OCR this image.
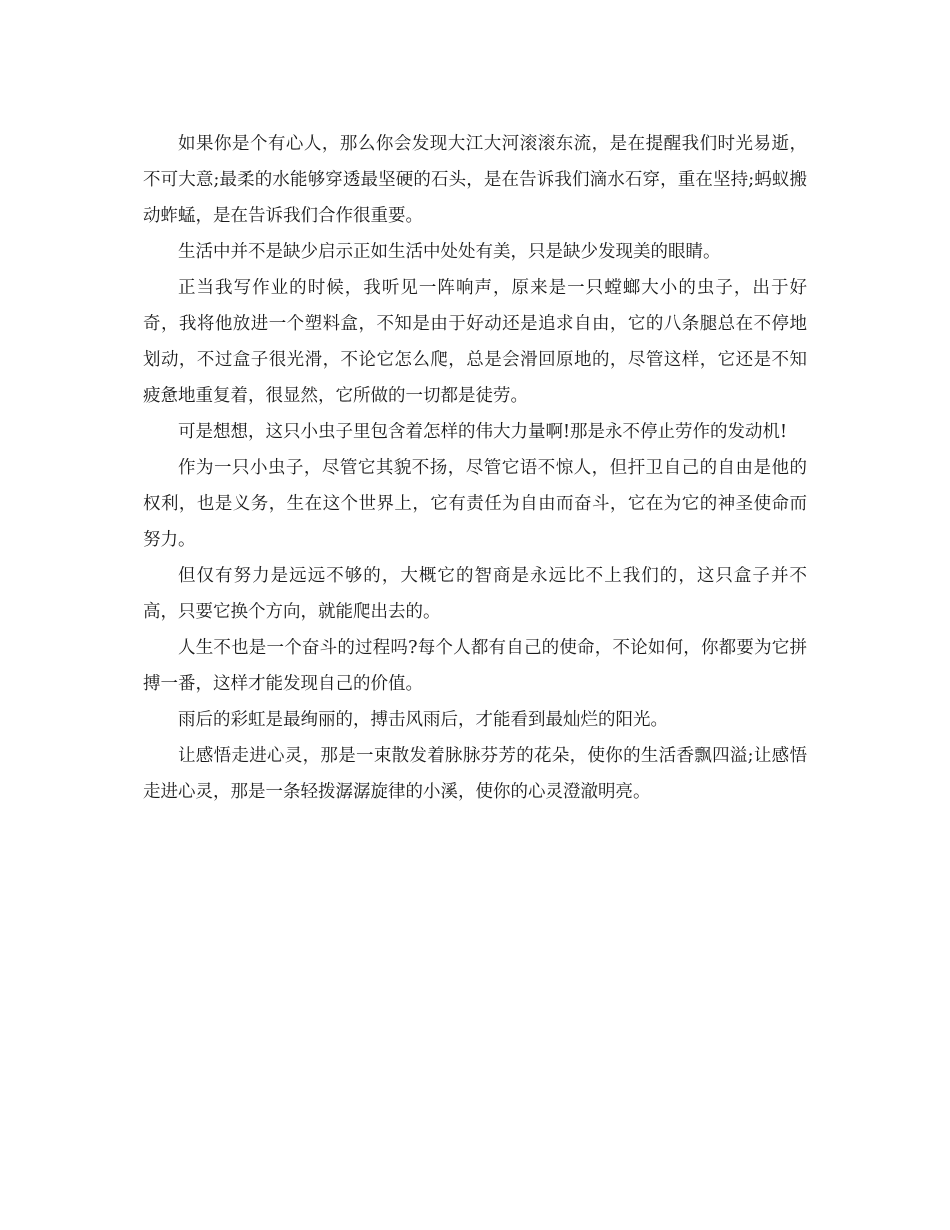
如果你是个有心人，那么你会发现大江大河滚滚东流，是在提醒我们时光易逝，不可大意;最柔的水能够穿透最坚硬的石头，是在告诉我们滴水石穿，重在坚持;蚂蚁搬动蚱蜢，是在告诉我们合作很重要。

生活中并不是缺少启示正如生活中处处有美，只是缺少发现美的眼睛。

正当我写作业的时候，我听见一阵响声，原来是一只螳螂大小的虫子，出于好奇，我将他放进一个塑料盒，不知是由于好动还是追求自由，它的八条腿总在不停地划动，不过盒子很光滑，不论它怎么爬，总是会滑回原地的，尽管这样，它还是不知疲惫地重复着，很显然，它所做的一切都是徒劳。

可是想想，这只小虫子里包含着怎样的伟大力量啊!那是永不停止劳作的发动机!

作为一只小虫子，尽管它其貌不扬，尽管它语不惊人，但扞卫自己的自由是他的权利，也是义务，生在这个世界上，它有责任为自由而奋斗，它在为它的神圣使命而努力。

但仅有努力是远远不够的，大概它的智商是永远比不上我们的，这只盒子并不高，只要它换个方向，就能爬出去的。

人生不也是一个奋斗的过程吗?每个人都有自己的使命，不论如何，你都要为它拼搏一番，这样才能发现自己的价值。

雨后的彩虹是最绚丽的，搏击风雨后，才能看到最灿烂的阳光。

让感悟走进心灵，那是一束散发着脉脉芬芳的花朵，使你的生活香飘四溢;让感悟走进心灵，那是一条轻拨潺潺旋律的小溪，使你的心灵澄澈明亮。
